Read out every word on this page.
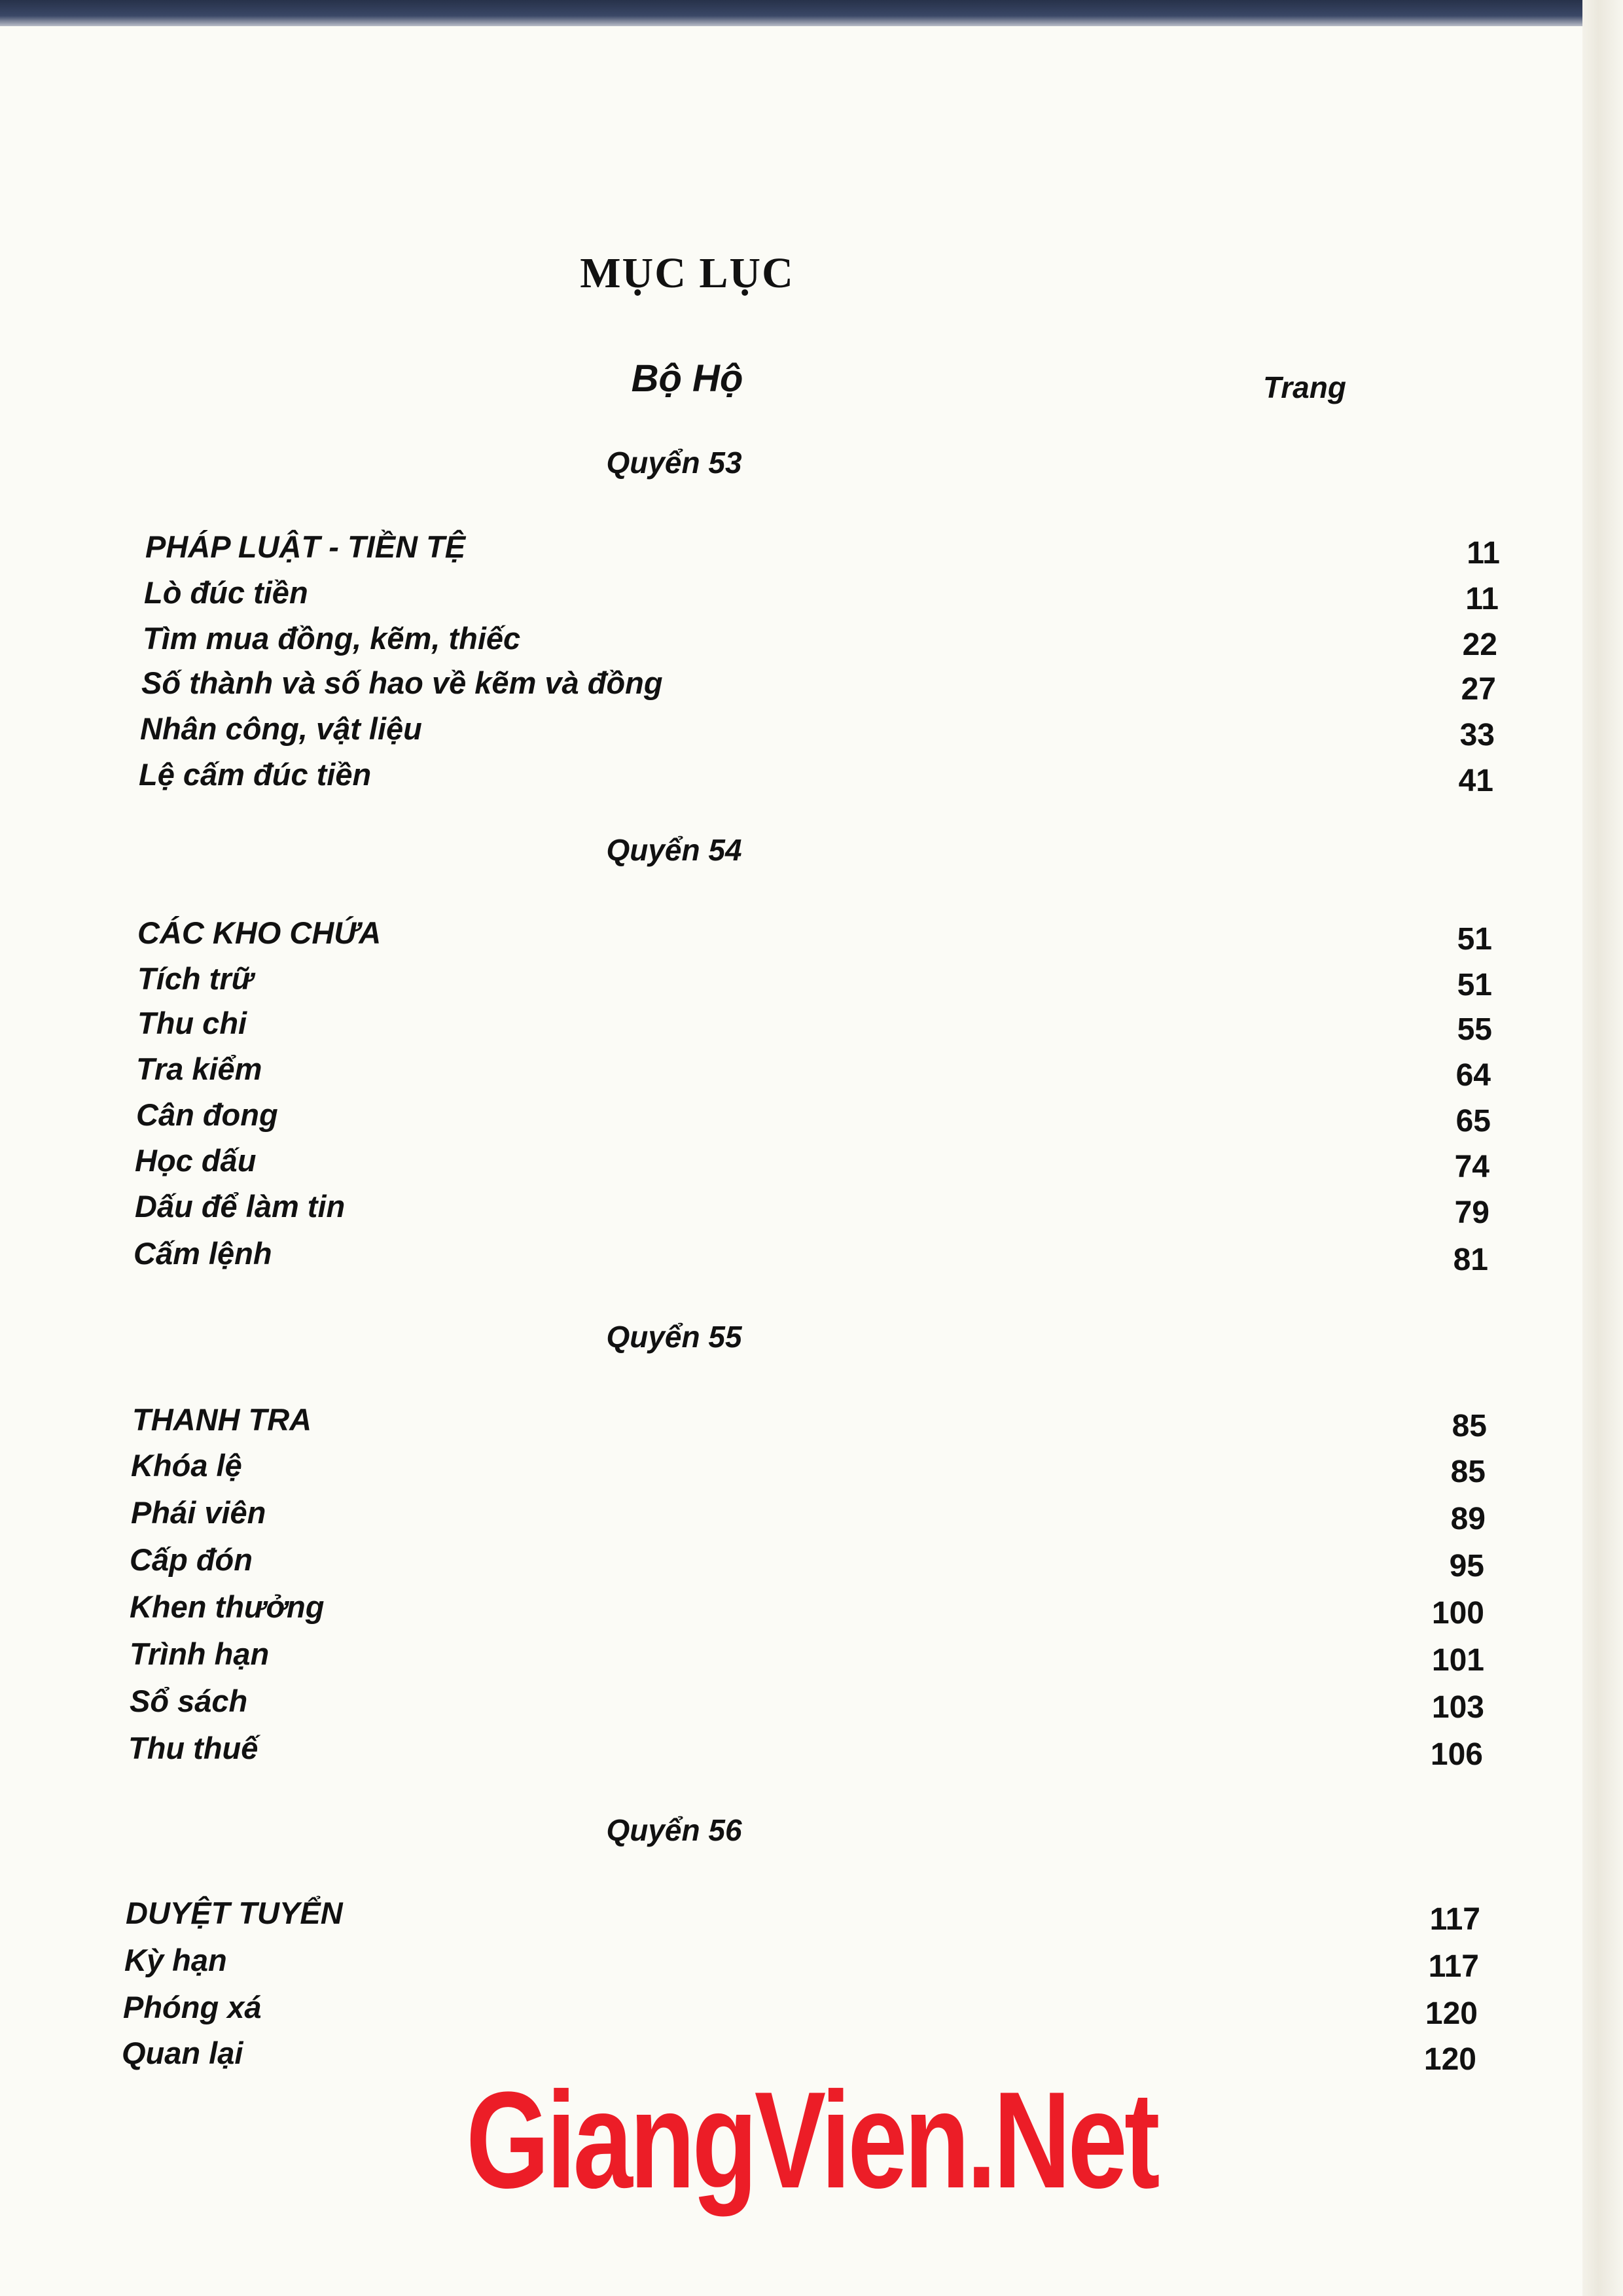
MỤC LỤC
Bộ Hộ	Trang
Quyển 53
PHÁP LUẬT - TIỀN TỆ	11
Lò đúc tiền	11
Tìm mua đồng, kẽm, thiếc	22
Số thành và số hao về kẽm và đồng	27
Nhân công, vật liệu	33
Lệ cấm đúc tiền	41
Quyển 54
CÁC KHO CHỨA	51
Tích trữ	51
Thu chi	55
Tra kiểm	64
Cân đong	65
Học dấu	74
Dấu để làm tin	79
Cấm lệnh	81
Quyển 55
THANH TRA	85
Khóa lệ	85
Phái viên	89
Cấp đón	95
Khen thưởng	100
Trình hạn	101
Sổ sách	103
Thu thuế	106
Quyển 56
DUYỆT TUYỂN	117
Kỳ hạn	117
Phóng xá	120
Quan lại	120
GiangVien.Net
